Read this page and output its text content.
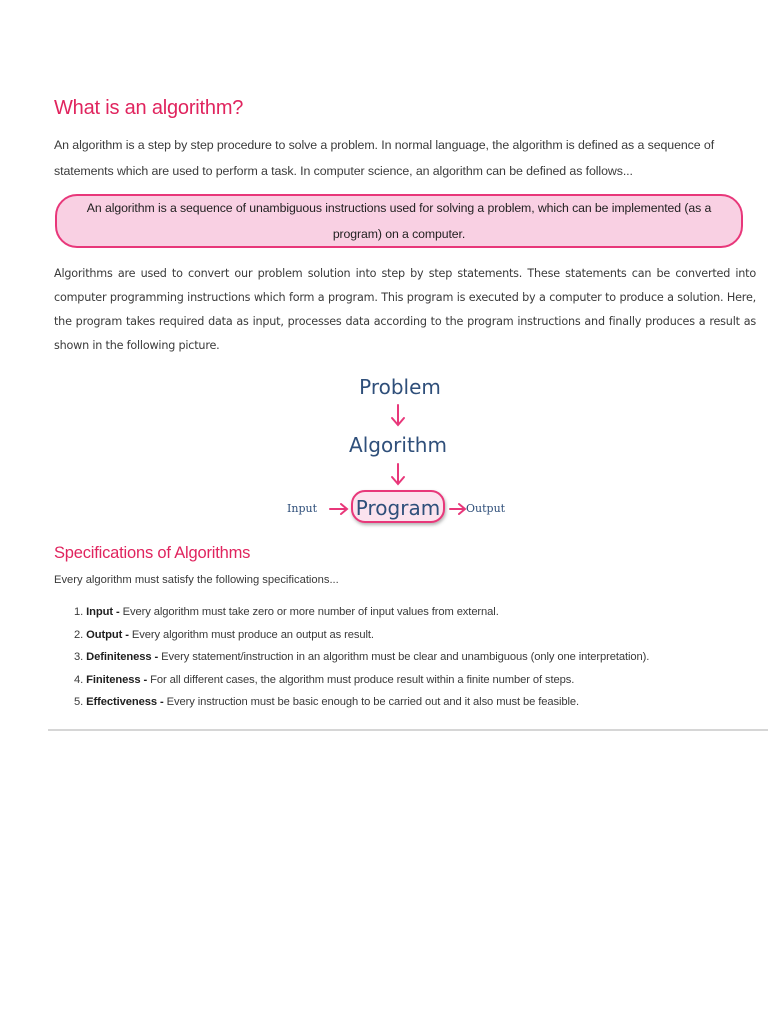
What is an algorithm?

An algorithm is a step by step procedure to solve a problem. In normal language, the algorithm is defined as a sequence of statements which are used to perform a task. In computer science, an algorithm can be defined as follows...

An algorithm is a sequence of unambiguous instructions used for solving a problem, which can be implemented (as a program) on a computer.

Algorithms are used to convert our problem solution into step by step statements. These statements can be converted into computer programming instructions which form a program. This program is executed by a computer to produce a solution. Here, the program takes required data as input, processes data according to the program instructions and finally produces a result as shown in the following picture.

Problem
Algorithm
Input Program Output
Specifications of Algorithms

Every algorithm must satisfy the following specifications...

1. Input - Every algorithm must take zero or more number of input values from external.
2. Output - Every algorithm must produce an output as result.
3. Definiteness - Every statement/instruction in an algorithm must be clear and unambiguous (only one interpretation).
4. Finiteness - For all different cases, the algorithm must produce result within a finite number of steps.
5. Effectiveness - Every instruction must be basic enough to be carried out and it also must be feasible.
